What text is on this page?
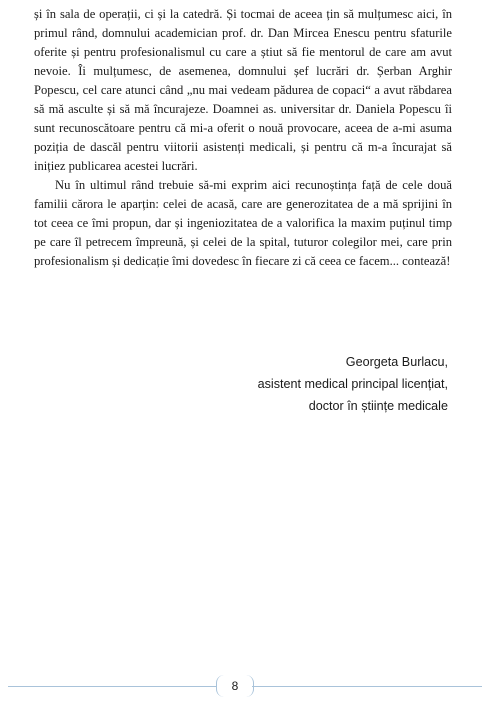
și în sala de operații, ci și la catedră. Și tocmai de aceea țin să mulțumesc aici, în primul rând, domnului academician prof. dr. Dan Mircea Enescu pentru sfaturile oferite și pentru profesionalismul cu care a știut să fie mentorul de care am avut nevoie. Îi mulțumesc, de asemenea, domnului șef lucrări dr. Șerban Arghir Popescu, cel care atunci când „nu mai vedeam pădurea de copaci“ a avut răbdarea să mă asculte și să mă încurajeze. Doamnei as. universitar dr. Daniela Popescu îi sunt recunoscătoare pentru că mi-a oferit o nouă provocare, aceea de a-mi asuma poziția de dascăl pentru viitorii asistenți medicali, și pentru că m-a încurajat să inițiez publicarea acestei lucrări.

Nu în ultimul rând trebuie să-mi exprim aici recunoștința față de cele două familii cărora le aparțin: celei de acasă, care are generozitatea de a mă sprijini în tot ceea ce îmi propun, dar și ingeniozitatea de a valorifica la maxim puținul timp pe care îl petrecem împreună, și celei de la spital, tuturor colegilor mei, care prin profesionalism și dedicație îmi dovedesc în fiecare zi că ceea ce facem... contează!

Georgeta Burlacu,
asistent medical principal licențiat,
doctor în științe medicale
8
